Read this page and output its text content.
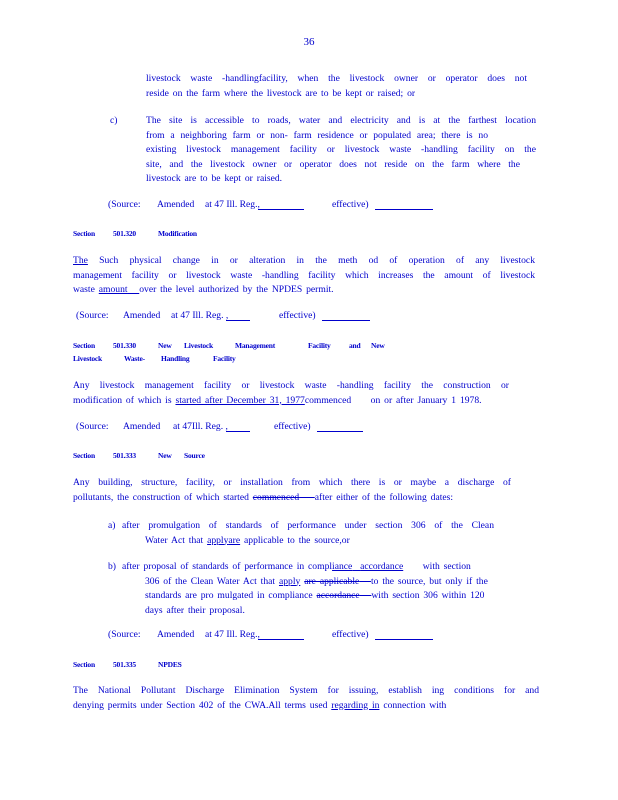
36
livestock waste -handlingfacility, when the livestock owner or operator does not
reside on the farm where the livestock are to be kept or raised; or
c)	The site is accessible to roads, water and electricity and is at the farthest location
from a neighboring farm or non- farm residence or populated area; there is no
existing livestock management facility or livestock waste -handling facility on the
site, and the livestock owner or operator does not reside on the farm where the
livestock are to be kept or raised.
(Source: Amended at 47 Ill. Reg.
,	effective
)
Section 501.320	Modification
The Such physical change in or alteration in the meth od of operation of any livestock
management facility or livestock waste -handling facility which increases the amount of livestock
waste amount over the level authorized by the NPDES permit.
(Source: Amended at 47 Ill. Reg. ,	effective
)
Section 501.330	New Livestock	Management	Facility and New
Livestock	Waste- Handling	Facility
Any livestock management facility or livestock waste -handling facility the construction or
modification of which is started after December 31, 1977commenced on or after January 1 1978.
(Source: Amended at 47Ill. Reg. ,	effective
)
Section 501.333	New Source
Any building, structure, facility, or installation from which there is or maybe a discharge of
pollutants, the construction of which started commenced after either of the following dates:
a) after promulgation of standards of performance under section 306 of the Clean
Water Act that applyare applicable to the source,or
b) after proposal of standards of performance in compliance accordance with section
306 of the Clean Water Act that apply are applicable to the source, but only if the
standards are pro mulgated in compliance accordance with section 306 within 120
days after their proposal.
(Source: Amended at 47 Ill. Reg.
,	effective
)
Section 501.335	NPDES
The National Pollutant Discharge Elimination System for issuing, establish ing conditions for and
denying permits under Section 402 of the CWA.All terms used regarding in connection with
